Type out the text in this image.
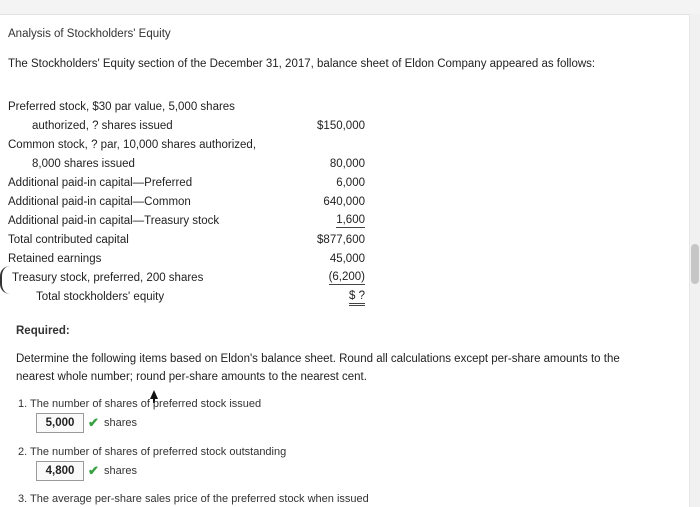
Analysis of Stockholders' Equity
The Stockholders' Equity section of the December 31, 2017, balance sheet of Eldon Company appeared as follows:
Preferred stock, $30 par value, 5,000 shares
authorized, ? shares issued	$150,000
Common stock, ? par, 10,000 shares authorized,
8,000 shares issued	80,000
Additional paid-in capital—Preferred	6,000
Additional paid-in capital—Common	640,000
Additional paid-in capital—Treasury stock	1,600
Total contributed capital	$877,600
Retained earnings	45,000
Treasury stock, preferred, 200 shares	(6,200)
Total stockholders' equity	$ ?
Required:
Determine the following items based on Eldon's balance sheet. Round all calculations except per-share amounts to the nearest whole number; round per-share amounts to the nearest cent.
1. The number of shares of preferred stock issued
5,000	✔ shares
2. The number of shares of preferred stock outstanding
4,800	✔ shares
3. The average per-share sales price of the preferred stock when issued
